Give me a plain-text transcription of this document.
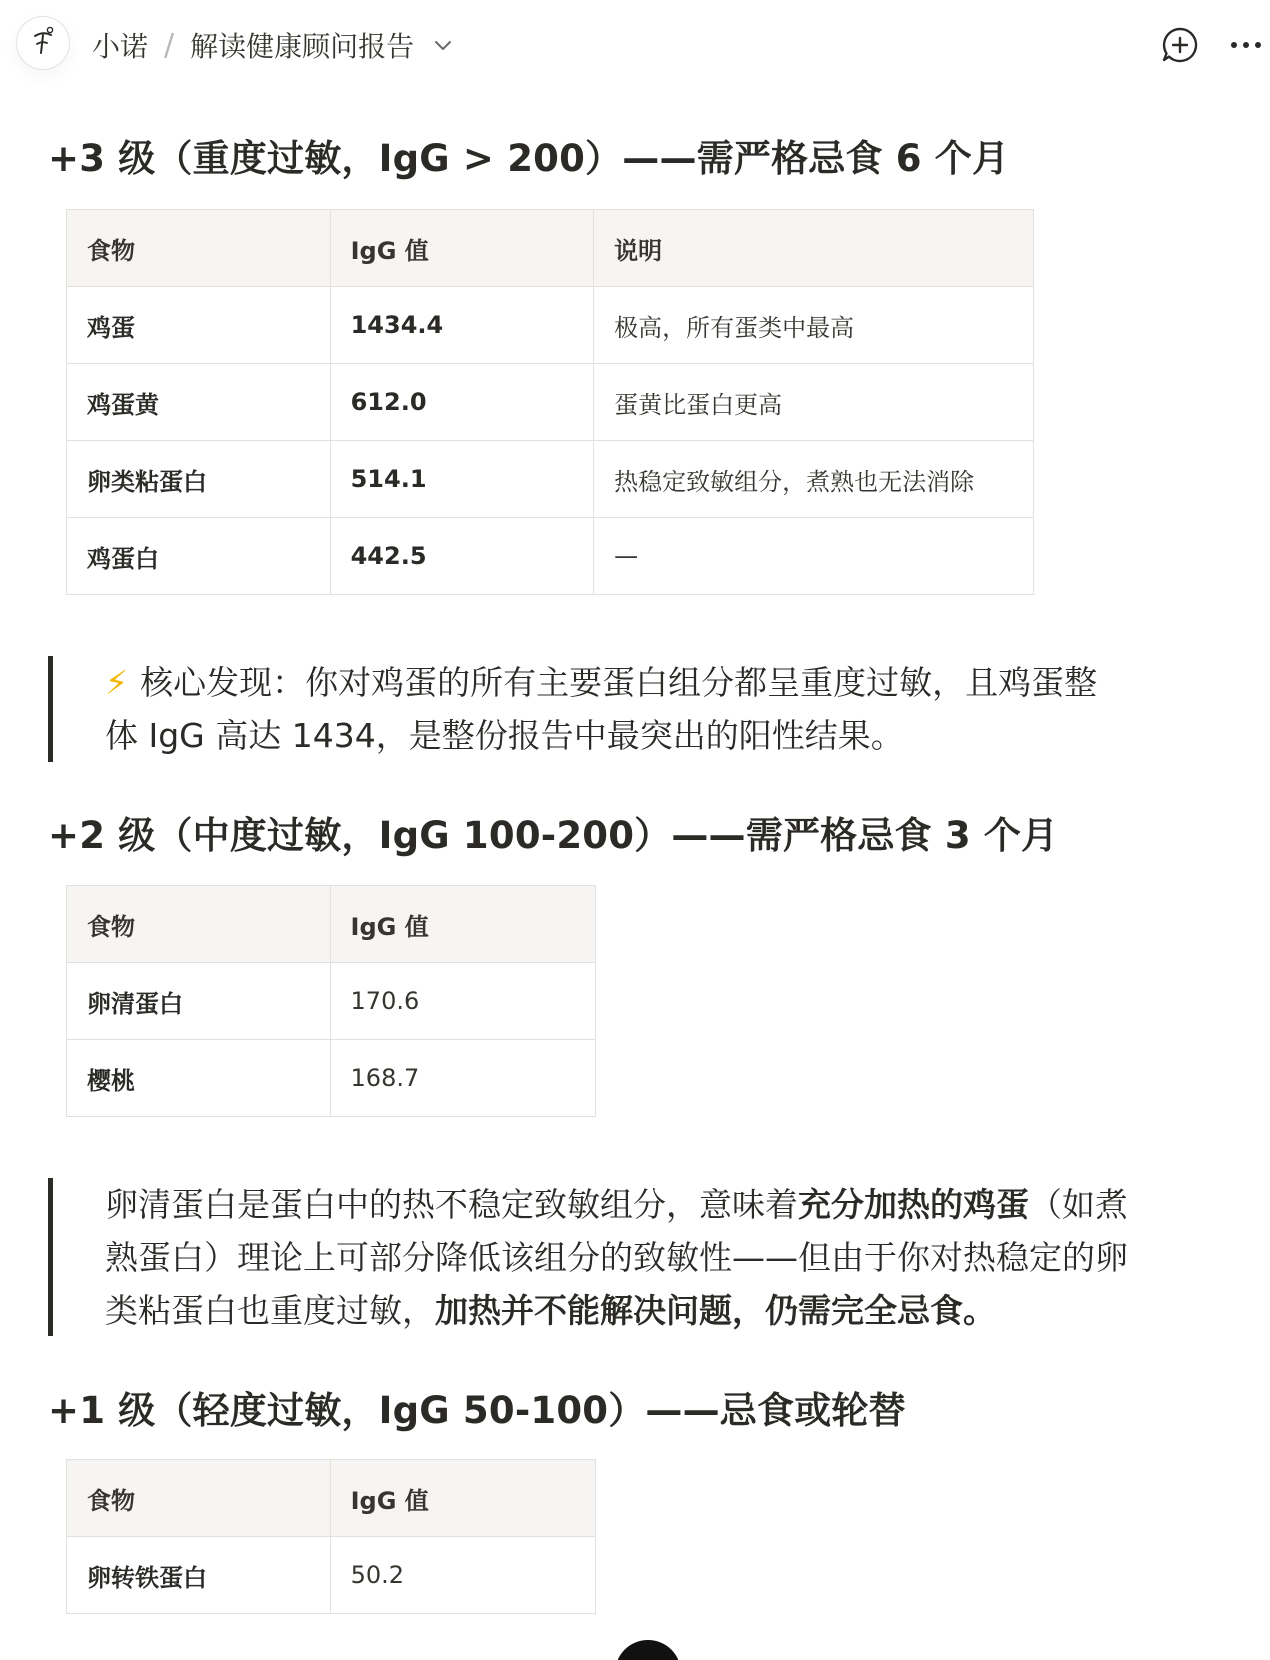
小诺 / 解读健康顾问报告
+3 级（重度过敏，IgG > 200）——需严格忌食 6 个月
食物	IgG 值	说明
鸡蛋	1434.4	极高，所有蛋类中最高
鸡蛋黄	612.0	蛋黄比蛋白更高
卵类粘蛋白	514.1	热稳定致敏组分，煮熟也无法消除
鸡蛋白	442.5	—
⚡ 核心发现：你对鸡蛋的所有主要蛋白组分都呈重度过敏，且鸡蛋整
体 IgG 高达 1434，是整份报告中最突出的阳性结果。
+2 级（中度过敏，IgG 100-200）——需严格忌食 3 个月
食物	IgG 值
卵清蛋白	170.6
樱桃	168.7
卵清蛋白是蛋白中的热不稳定致敏组分，意味着充分加热的鸡蛋（如煮
熟蛋白）理论上可部分降低该组分的致敏性——但由于你对热稳定的卵
类粘蛋白也重度过敏，加热并不能解决问题，仍需完全忌食。
+1 级（轻度过敏，IgG 50-100）——忌食或轮替
食物	IgG 值
卵转铁蛋白	50.2
